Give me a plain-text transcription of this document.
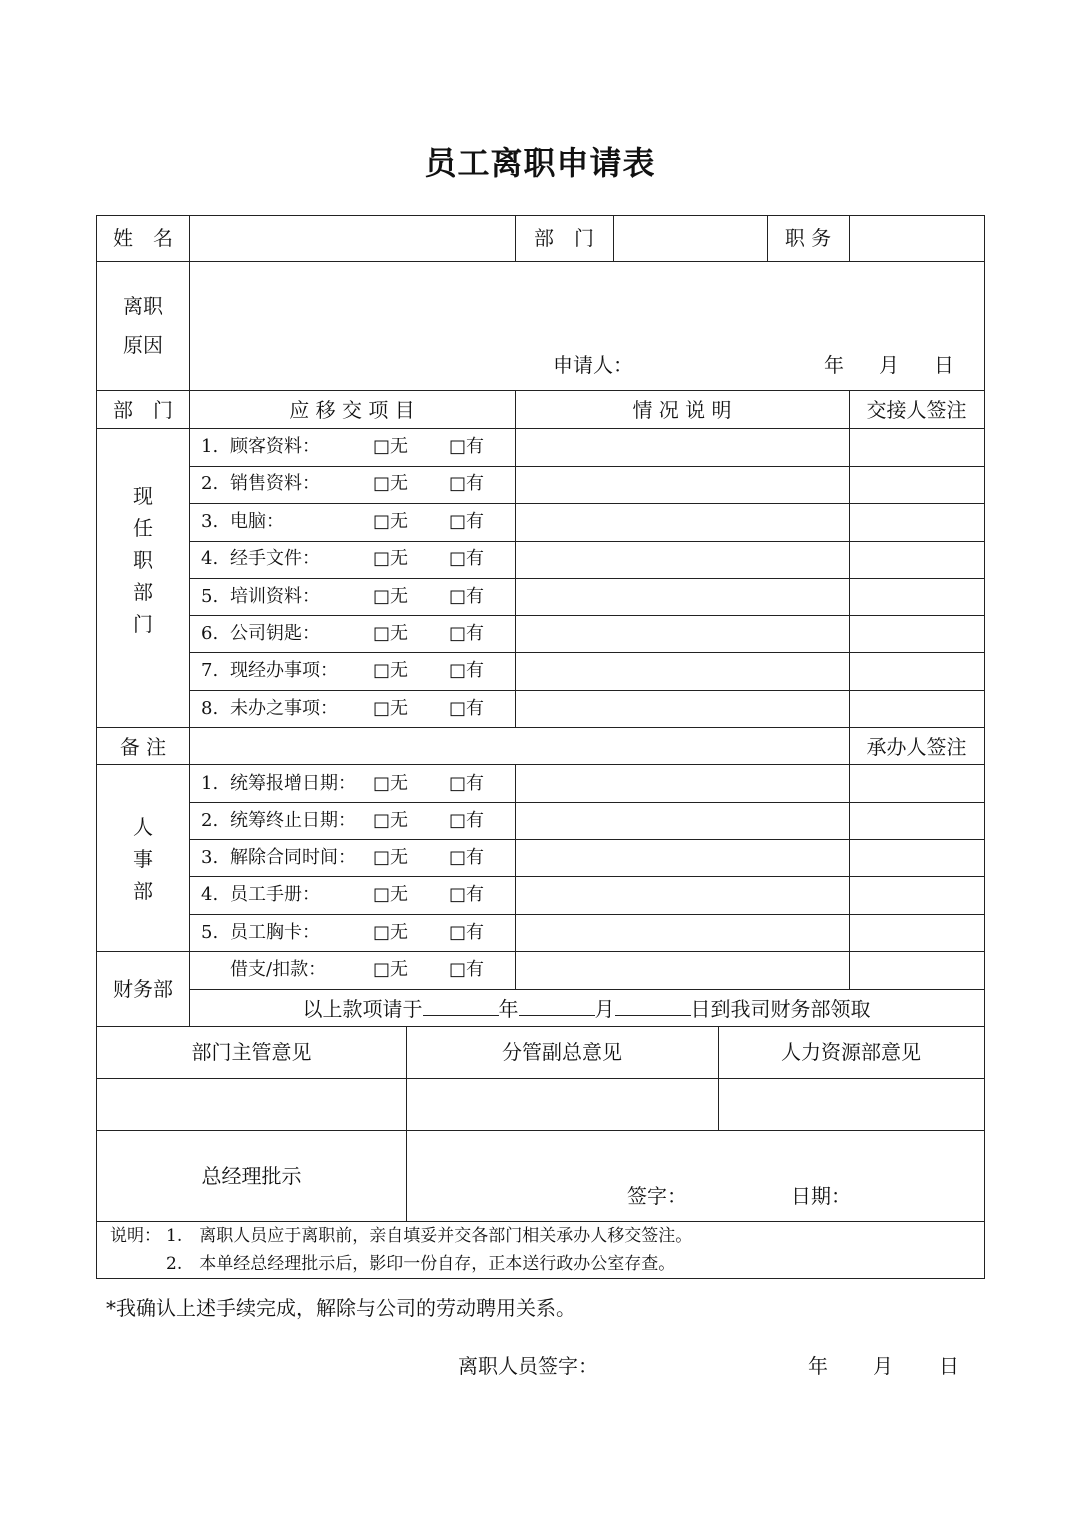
员工离职申请表
姓　名	部　门	职 务
离职
原因
申请人：	年 月 日
部　门	应 移 交 项 目	情 况 说 明	交接人签注
现
任
职
部
门
1. 顾客资料：	□无 □有
2. 销售资料：	□无 □有
3. 电脑：	□无 □有
4. 经手文件：	□无 □有
5. 培训资料：	□无 □有
6. 公司钥匙：	□无 □有
7. 现经办事项： □无 □有
8. 未办之事项： □无 □有
备 注	承办人签注
人
事
部
1. 统筹报增日期： □无 □有
2. 统筹终止日期： □无 □有
3. 解除合同时间： □无 □有
4. 员工手册：	□无 □有
5. 员工胸卡：	□无 □有
财务部
借支/扣款：	□无 □有
以上款项请于	年	月	日到我司财务部领取
部门主管意见	分管副总意见	人力资源部意见
总经理批示
签字：	日期：
说明： 1.　离职人员应于离职前，亲自填妥并交各部门相关承办人移交签注。
2.　本单经总经理批示后，影印一份自存，正本送行政办公室存查。
*我确认上述手续完成，解除与公司的劳动聘用关系。
离职人员签字：	年 月 日
